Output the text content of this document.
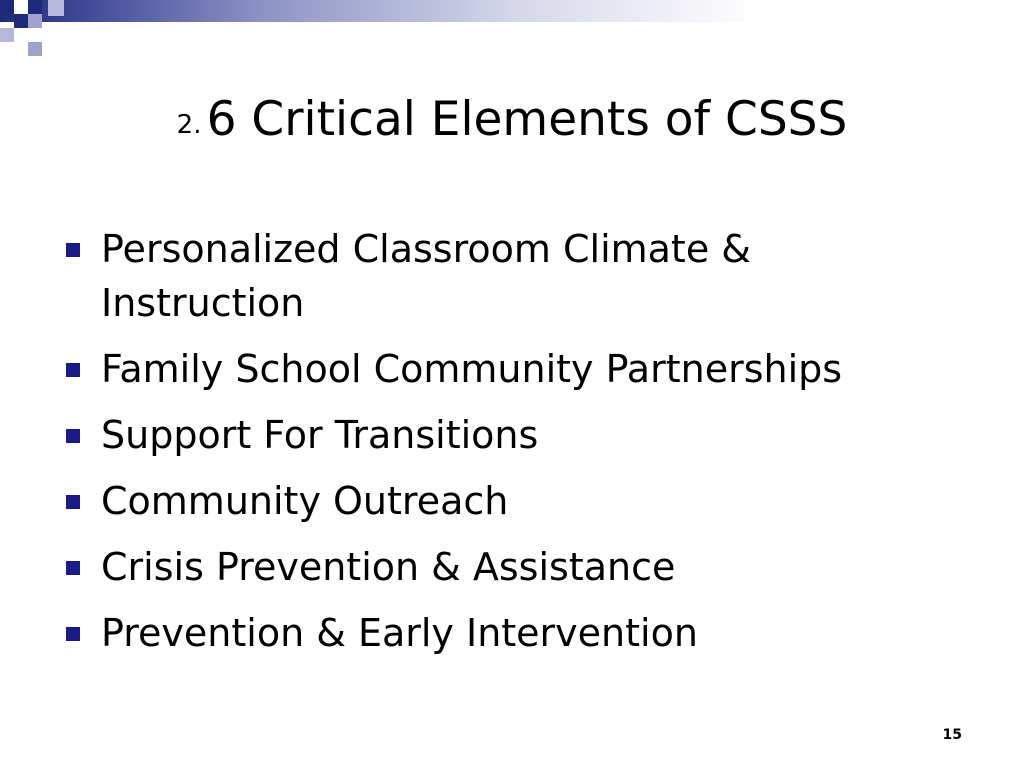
2. 6 Critical Elements of CSSS
Personalized Classroom Climate & Instruction
Family School Community Partnerships
Support For Transitions
Community Outreach
Crisis Prevention & Assistance
Prevention & Early Intervention
15
